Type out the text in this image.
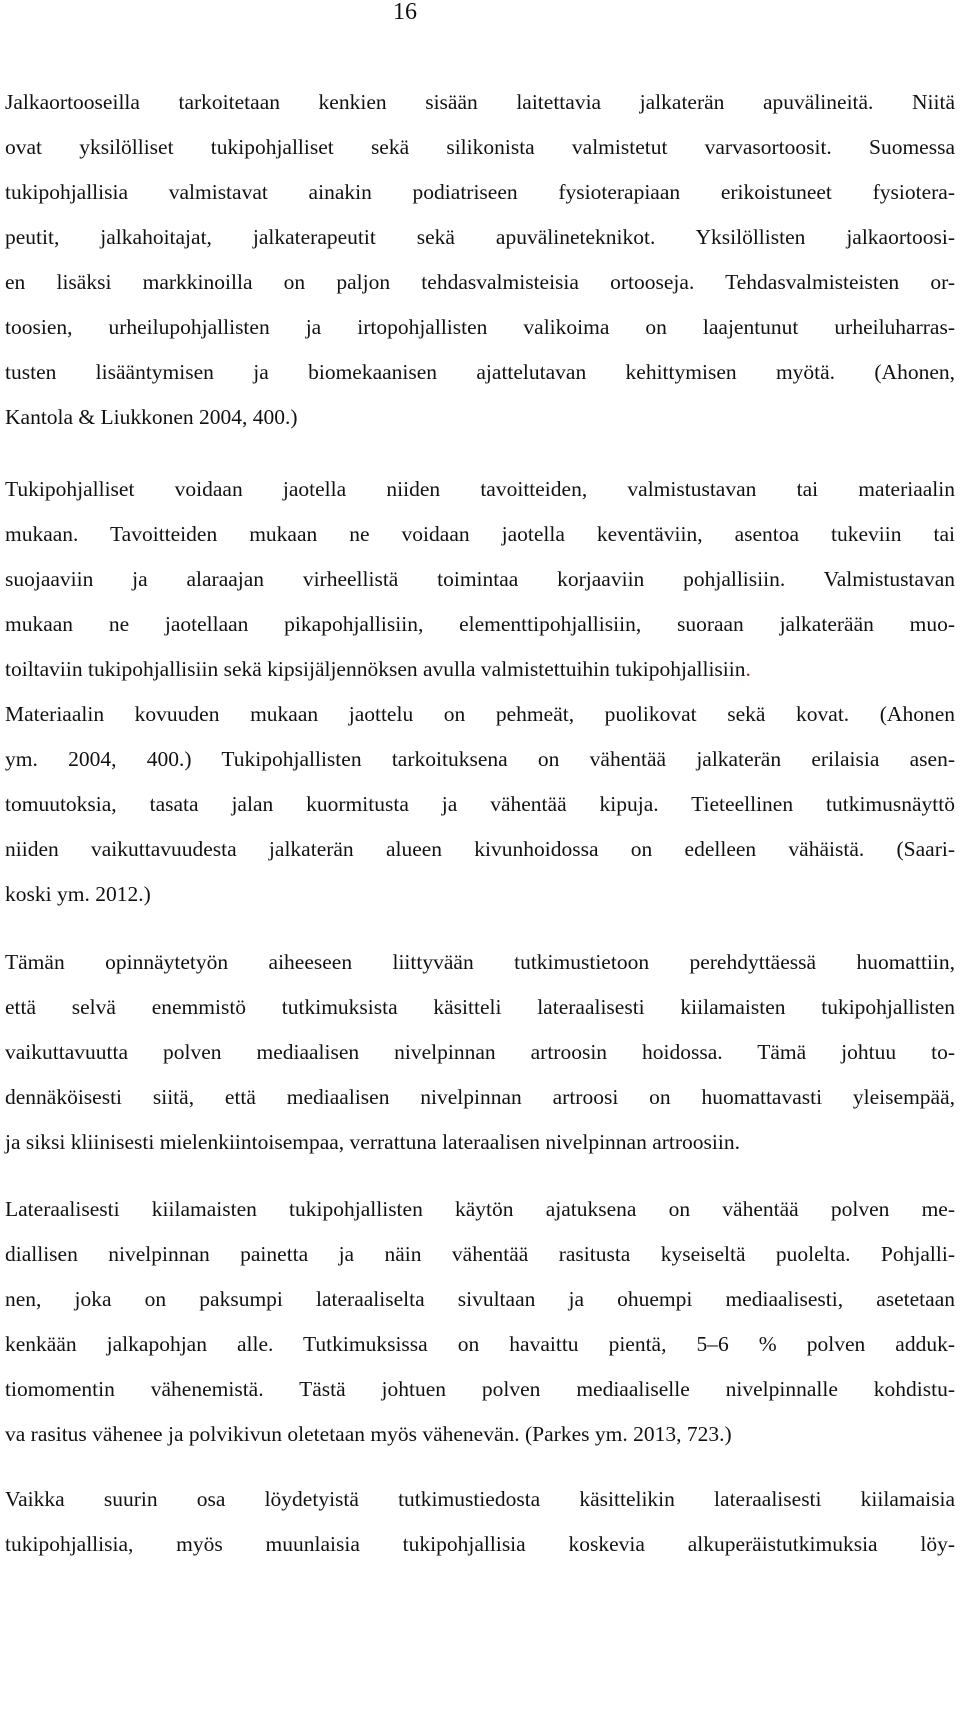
16
Jalkaortooseilla tarkoitetaan kenkien sisään laitettavia jalkaterän apuvälineitä. Niitä
ovat yksilölliset tukipohjalliset sekä silikonista valmistetut varvasortoosit. Suomessa
tukipohjallisia valmistavat ainakin podiatriseen fysioterapiaan erikoistuneet fysiotera-
peutit, jalkahoitajat, jalkaterapeutit sekä apuvälineteknikot. Yksilöllisten jalkaortoosi-
en lisäksi markkinoilla on paljon tehdasvalmisteisia ortooseja. Tehdasvalmisteisten or-
toosien, urheilupohjallisten ja irtopohjallisten valikoima on laajentunut urheiluharras-
tusten lisääntymisen ja biomekaanisen ajattelutavan kehittymisen myötä. (Ahonen,
Kantola & Liukkonen 2004, 400.)
Tukipohjalliset voidaan jaotella niiden tavoitteiden, valmistustavan tai materiaalin
mukaan. Tavoitteiden mukaan ne voidaan jaotella keventäviin, asentoa tukeviin tai
suojaaviin ja alaraajan virheellistä toimintaa korjaaviin pohjallisiin. Valmistustavan
mukaan ne jaotellaan pikapohjallisiin, elementtipohjallisiin, suoraan jalkaterään muo-
toiltaviin tukipohjallisiin sekä kipsijäljennöksen avulla valmistettuihin tukipohjallisiin.
Materiaalin kovuuden mukaan jaottelu on pehmeät, puolikovat sekä kovat. (Ahonen
ym. 2004, 400.) Tukipohjallisten tarkoituksena on vähentää jalkaterän erilaisia asen-
tomuutoksia, tasata jalan kuormitusta ja vähentää kipuja. Tieteellinen tutkimusnäyttö
niiden vaikuttavuudesta jalkaterän alueen kivunhoidossa on edelleen vähäistä. (Saari-
koski ym. 2012.)
Tämän opinnäytetyön aiheeseen liittyvään tutkimustietoon perehdyttäessä huomattiin,
että selvä enemmistö tutkimuksista käsitteli lateraalisesti kiilamaisten tukipohjallisten
vaikuttavuutta polven mediaalisen nivelpinnan artroosin hoidossa. Tämä johtuu to-
dennäköisesti siitä, että mediaalisen nivelpinnan artroosi on huomattavasti yleisempää,
ja siksi kliinisesti mielenkiintoisempaa, verrattuna lateraalisen nivelpinnan artroosiin.
Lateraalisesti kiilamaisten tukipohjallisten käytön ajatuksena on vähentää polven me-
diallisen nivelpinnan painetta ja näin vähentää rasitusta kyseiseltä puolelta. Pohjalli-
nen, joka on paksumpi lateraaliselta sivultaan ja ohuempi mediaalisesti, asetetaan
kenkään jalkapohjan alle. Tutkimuksissa on havaittu pientä, 5–6 % polven adduk-
tiomomentin vähenemistä. Tästä johtuen polven mediaaliselle nivelpinnalle kohdistu-
va rasitus vähenee ja polvikivun oletetaan myös vähenevän. (Parkes ym. 2013, 723.)
Vaikka suurin osa löydetyistä tutkimustiedosta käsittelikin lateraalisesti kiilamaisia
tukipohjallisia, myös muunlaisia tukipohjallisia koskevia alkuperäistutkimuksia löy-
